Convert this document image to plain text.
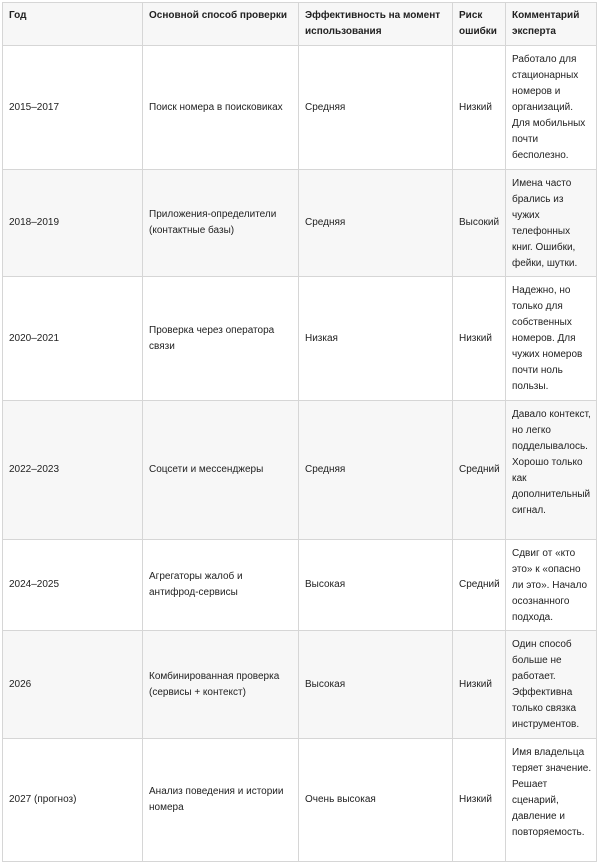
Год	Основной способ проверки	Эффективность на момент использования	Риск ошибки	Комментарий эксперта
2015–2017	Поиск номера в поисковиках	Средняя	Низкий	Работало для стационарных номеров и организаций. Для мобильных почти бесполезно.
2018–2019	Приложения-определители (контактные базы)	Средняя	Высокий	Имена часто брались из чужих телефонных книг. Ошибки, фейки, шутки.
2020–2021	Проверка через оператора связи	Низкая	Низкий	Надежно, но только для собственных номеров. Для чужих номеров почти ноль пользы.
2022–2023	Соцсети и мессенджеры	Средняя	Средний	Давало контекст, но легко подделывалось. Хорошо только как дополнительный сигнал.
2024–2025	Агрегаторы жалоб и антифрод-сервисы	Высокая	Средний	Сдвиг от «кто это» к «опасно ли это». Начало осознанного подхода.
2026	Комбинированная проверка (сервисы + контекст)	Высокая	Низкий	Один способ больше не работает. Эффективна только связка инструментов.
2027 (прогноз)	Анализ поведения и истории номера	Очень высокая	Низкий	Имя владельца теряет значение. Решает сценарий, давление и повторяемость.
